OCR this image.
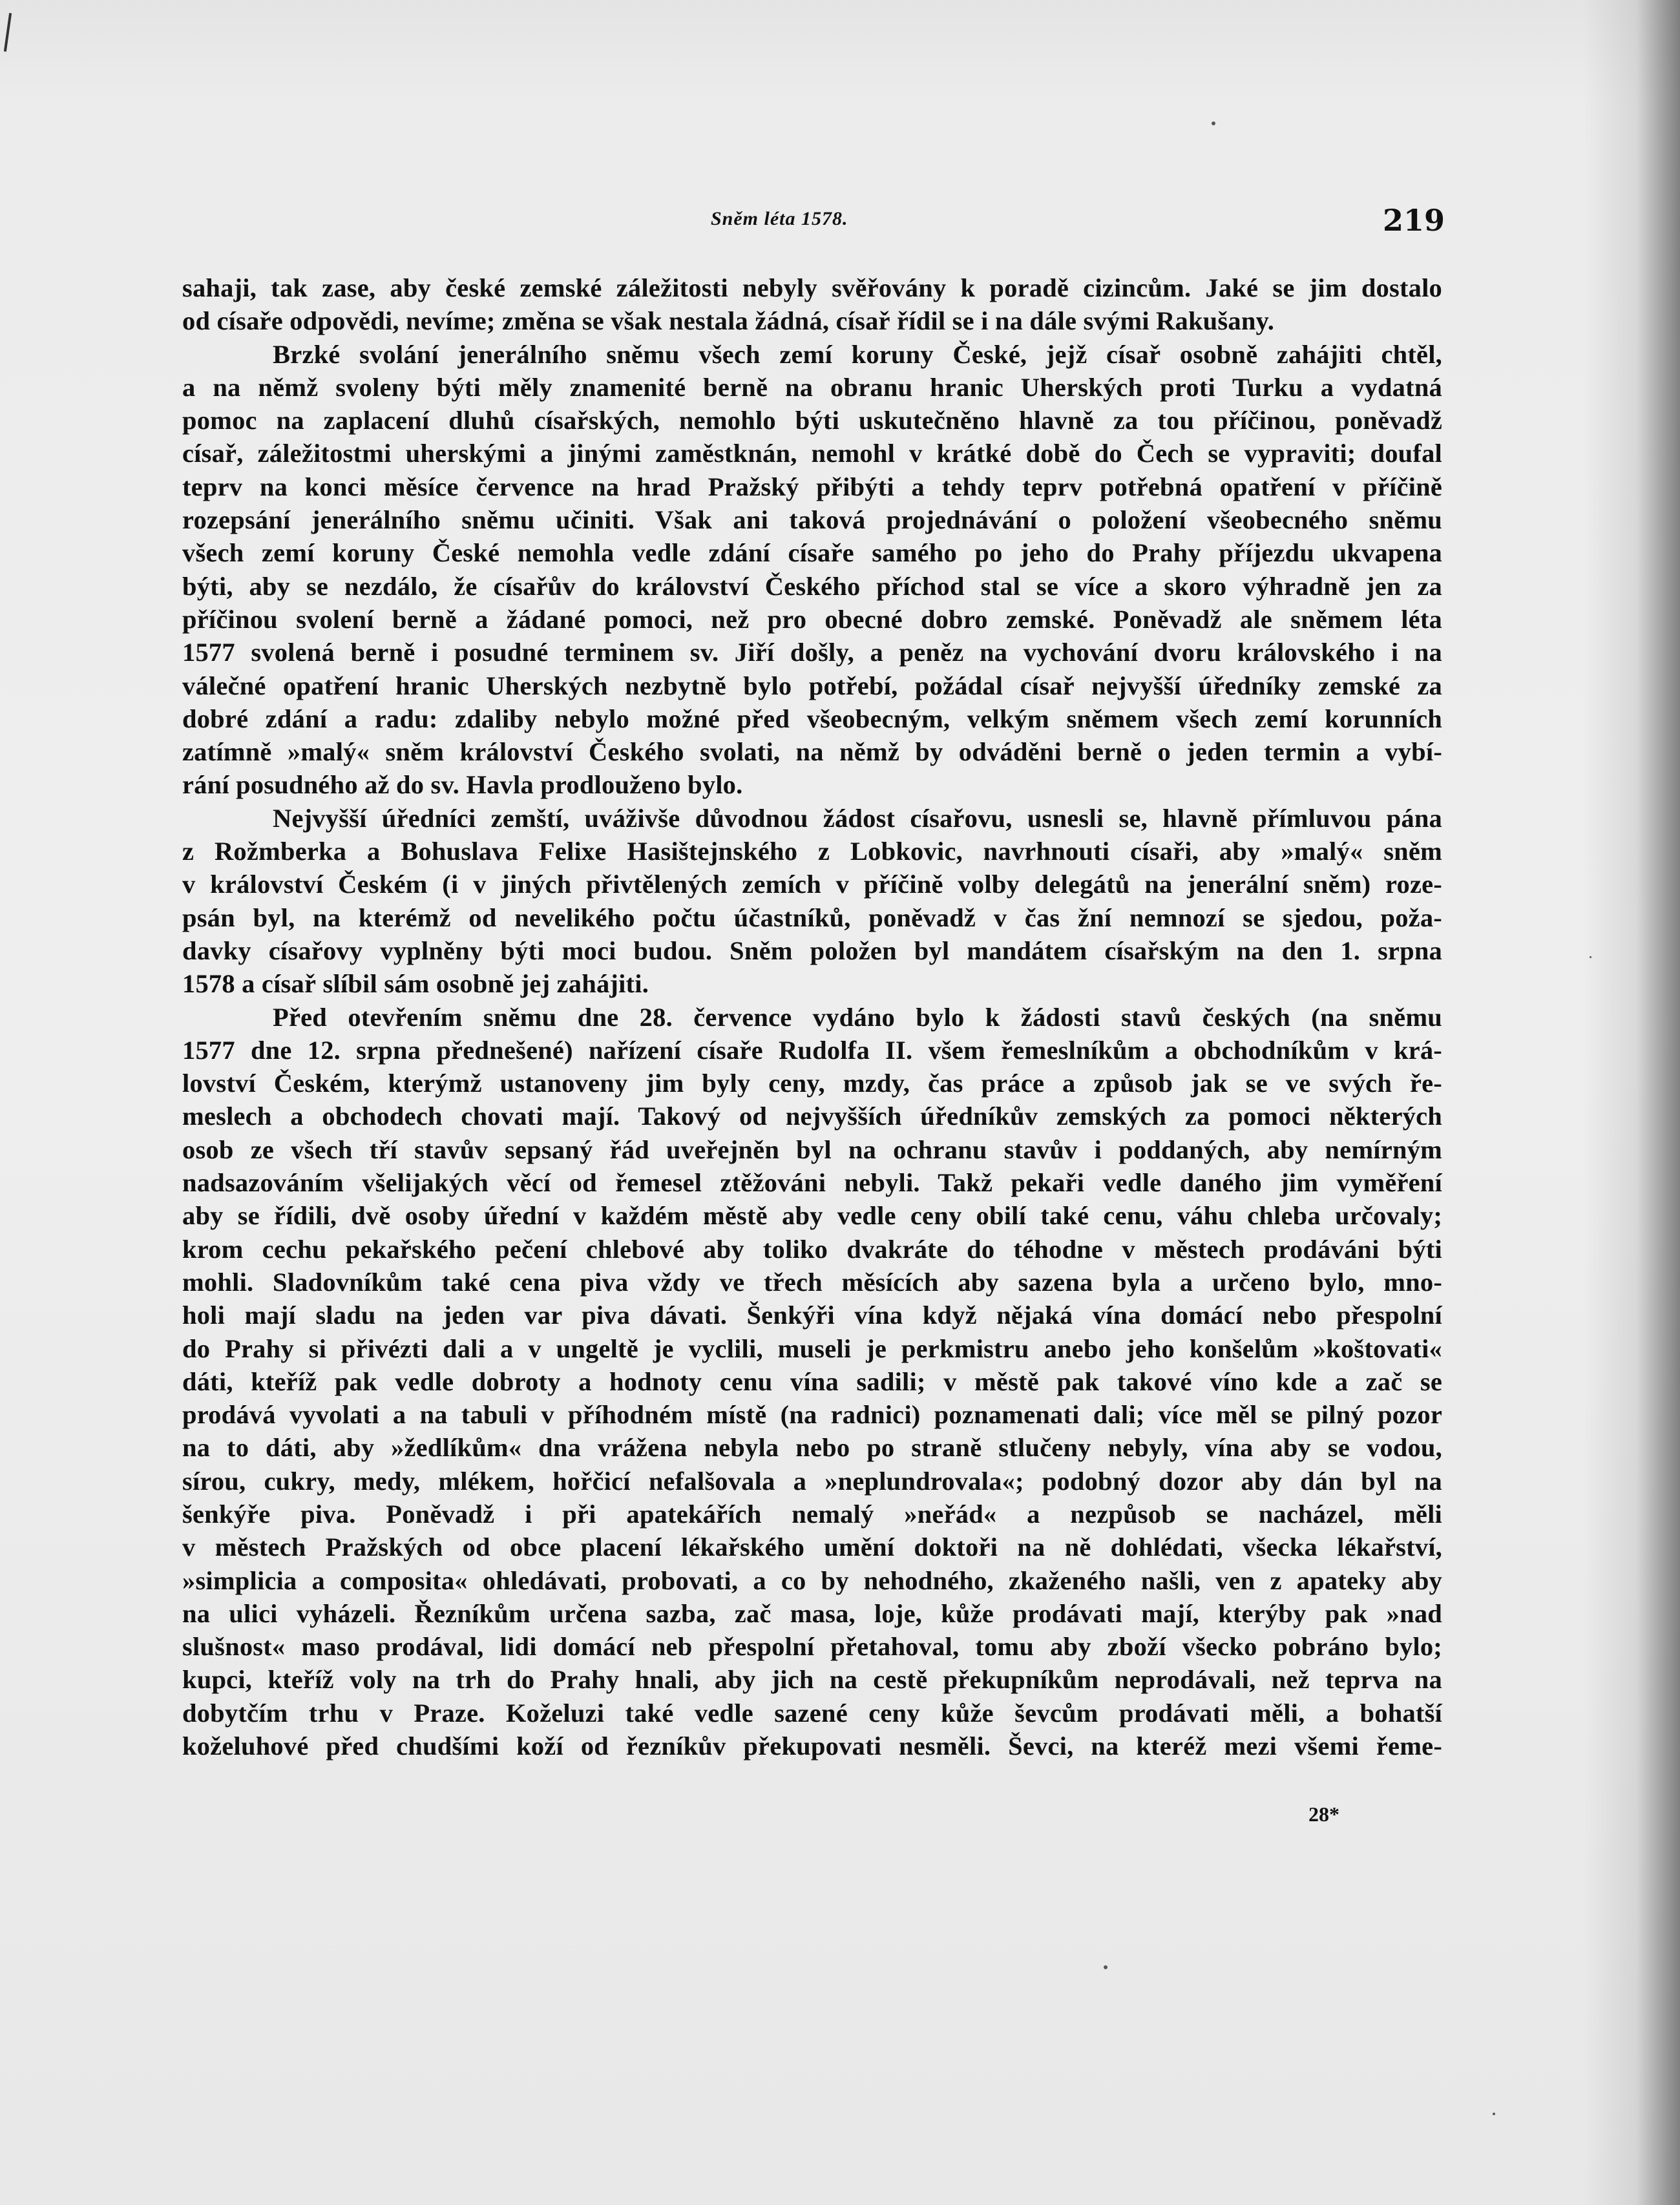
Sněm léta 1578.	219
sahaji, tak zase, aby české zemské záležitosti nebyly svěřovány k poradě cizincům. Jaké se jim dostalo
od císaře odpovědi, nevíme; změna se však nestala žádná, císař řídil se i na dále svými Rakušany.
Brzké svolání jenerálního sněmu všech zemí koruny České, jejž císař osobně zahájiti chtěl,
a na němž svoleny býti měly znamenité berně na obranu hranic Uherských proti Turku a vydatná
pomoc na zaplacení dluhů císařských, nemohlo býti uskutečněno hlavně za tou příčinou, poněvadž
císař, záležitostmi uherskými a jinými zaměstknán, nemohl v krátké době do Čech se vypraviti; doufal
teprv na konci měsíce července na hrad Pražský přibýti a tehdy teprv potřebná opatření v příčině
rozepsání jenerálního sněmu učiniti. Však ani taková projednávání o položení všeobecného sněmu
všech zemí koruny České nemohla vedle zdání císaře samého po jeho do Prahy příjezdu ukvapena
býti, aby se nezdálo, že císařův do království Českého příchod stal se více a skoro výhradně jen za
příčinou svolení berně a žádané pomoci, než pro obecné dobro zemské. Poněvadž ale sněmem léta
1577 svolená berně i posudné terminem sv. Jiří došly, a peněz na vychování dvoru královského i na
válečné opatření hranic Uherských nezbytně bylo potřebí, požádal císař nejvyšší úředníky zemské za
dobré zdání a radu: zdaliby nebylo možné před všeobecným, velkým sněmem všech zemí korunních
zatímně »malý« sněm království Českého svolati, na němž by odváděni berně o jeden termin a vybí-
rání posudného až do sv. Havla prodlouženo bylo.
Nejvyšší úředníci zemští, uváživše důvodnou žádost císařovu, usnesli se, hlavně přímluvou pána
z Rožmberka a Bohuslava Felixe Hasištejnského z Lobkovic, navrhnouti císaři, aby »malý« sněm
v království Českém (i v jiných přivtělených zemích v příčině volby delegátů na jenerální sněm) roze-
psán byl, na kterémž od nevelikého počtu účastníků, poněvadž v čas žní nemnozí se sjedou, poža-
davky císařovy vyplněny býti moci budou. Sněm položen byl mandátem císařským na den 1. srpna
1578 a císař slíbil sám osobně jej zahájiti.
Před otevřením sněmu dne 28. července vydáno bylo k žádosti stavů českých (na sněmu
1577 dne 12. srpna přednešené) nařízení císaře Rudolfa II. všem řemeslníkům a obchodníkům v krá-
lovství Českém, kterýmž ustanoveny jim byly ceny, mzdy, čas práce a způsob jak se ve svých ře-
meslech a obchodech chovati mají. Takový od nejvyšších úředníkův zemských za pomoci některých
osob ze všech tří stavův sepsaný řád uveřejněn byl na ochranu stavův i poddaných, aby nemírným
nadsazováním všelijakých věcí od řemesel ztěžováni nebyli. Takž pekaři vedle daného jim vyměření
aby se řídili, dvě osoby úřední v každém městě aby vedle ceny obilí také cenu, váhu chleba určovaly;
krom cechu pekařského pečení chlebové aby toliko dvakráte do téhodne v městech prodáváni býti
mohli. Sladovníkům také cena piva vždy ve třech měsících aby sazena byla a určeno bylo, mno-
holi mají sladu na jeden var piva dávati. Šenkýři vína když nějaká vína domácí nebo přespolní
do Prahy si přivézti dali a v ungeltě je vyclili, museli je perkmistru anebo jeho konšelům »koštovati«
dáti, kteříž pak vedle dobroty a hodnoty cenu vína sadili; v městě pak takové víno kde a zač se
prodává vyvolati a na tabuli v příhodném místě (na radnici) poznamenati dali; více měl se pilný pozor
na to dáti, aby »žedlíkům« dna vrážena nebyla nebo po straně stlučeny nebyly, vína aby se vodou,
sírou, cukry, medy, mlékem, hořčicí nefalšovala a »neplundrovala«; podobný dozor aby dán byl na
šenkýře piva. Poněvadž i při apatekářích nemalý »neřád« a nezpůsob se nacházel, měli
v městech Pražských od obce placení lékařského umění doktoři na ně dohlédati, všecka lékařství,
»simplicia a composita« ohledávati, probovati, a co by nehodného, zkaženého našli, ven z apateky aby
na ulici vyházeli. Řezníkům určena sazba, zač masa, loje, kůže prodávati mají, kterýby pak »nad
slušnost« maso prodával, lidi domácí neb přespolní přetahoval, tomu aby zboží všecko pobráno bylo;
kupci, kteříž voly na trh do Prahy hnali, aby jich na cestě překupníkům neprodávali, než teprva na
dobytčím trhu v Praze. Koželuzi také vedle sazené ceny kůže ševcům prodávati měli, a bohatší
koželuhové před chudšími koží od řezníkův překupovati nesměli. Ševci, na kteréž mezi všemi řeme-
28*
